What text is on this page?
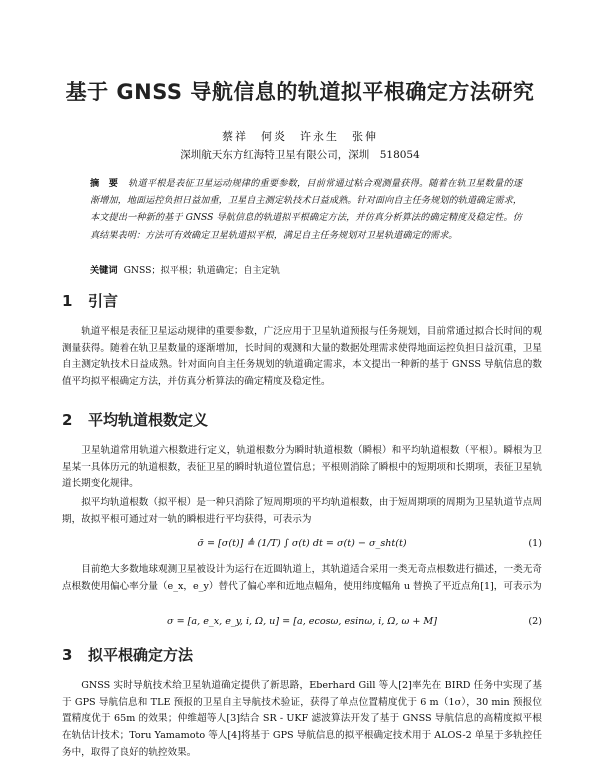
基于 GNSS 导航信息的轨道拟平根确定方法研究
蔡祥　何炎　许永生　张伸
深圳航天东方红海特卫星有限公司，深圳　518054
摘　要 轨道平根是表征卫星运动规律的重要参数，目前常通过粘合观测量获得。随着在轨卫星数量的逐渐增加，地面运控负担日益加重，卫星自主测定轨技术日益成熟。针对面向自主任务规划的轨道确定需求，本文提出一种新的基于 GNSS 导航信息的轨道拟平根确定方法，并仿真分析算法的确定精度及稳定性。仿真结果表明：方法可有效确定卫星轨道拟平根，满足自主任务规划对卫星轨道确定的需求。
关键词 GNSS；拟平根；轨道确定；自主定轨
1 引言
轨道平根是表征卫星运动规律的重要参数，广泛应用于卫星轨道预报与任务规划，目前常通过拟合长时间的观测量获得。随着在轨卫星数量的逐渐增加，长时间的观测和大量的数据处理需求使得地面运控负担日益沉重，卫星自主测定轨技术日益成熟。针对面向自主任务规划的轨道确定需求，本文提出一种新的基于 GNSS 导航信息的数值平均拟平根确定方法，并仿真分析算法的确定精度及稳定性。
2 平均轨道根数定义
卫星轨道常用轨道六根数进行定义，轨道根数分为瞬时轨道根数（瞬根）和平均轨道根数（平根）。瞬根为卫星某一具体历元的轨道根数，表征卫星的瞬时轨道位置信息；平根则消除了瞬根中的短期项和长期项，表征卫星轨道长期变化规律。
拟平均轨道根数（拟平根）是一种只消除了短周期项的平均轨道根数，由于短周期项的周期为卫星轨道节点周期，故拟平根可通过对一轨的瞬根进行平均获得，可表示为
σ̄ = [σ(t)] ≜ (1/T) ∫ σ(t) dt = σ(t) − σ_sht(t)	(1)
目前绝大多数地球观测卫星被设计为运行在近圆轨道上，其轨道适合采用一类无奇点根数进行描述，一类无奇点根数使用偏心率分量（e_x，e_y）替代了偏心率和近地点幅角，使用纬度幅角 u 替换了平近点角[1]，可表示为
σ = [a, e_x, e_y, i, Ω, u] = [a, ecosω, esinω, i, Ω, ω + M]	(2)
3 拟平根确定方法
GNSS 实时导航技术给卫星轨道确定提供了新思路，Eberhard Gill 等人[2]率先在 BIRD 任务中实现了基于 GPS 导航信息和 TLE 预报的卫星自主导航技术验证，获得了单点位置精度优于 6 m（1σ），30 min 预报位置精度优于 65m 的效果；仲维超等人[3]结合 SR - UKF 滤波算法开发了基于 GNSS 导航信息的高精度拟平根在轨估计技术；Toru Yamamoto 等人[4]将基于 GPS 导航信息的拟平根确定技术用于 ALOS-2 单星于多轨控任务中，取得了良好的轨控效果。
